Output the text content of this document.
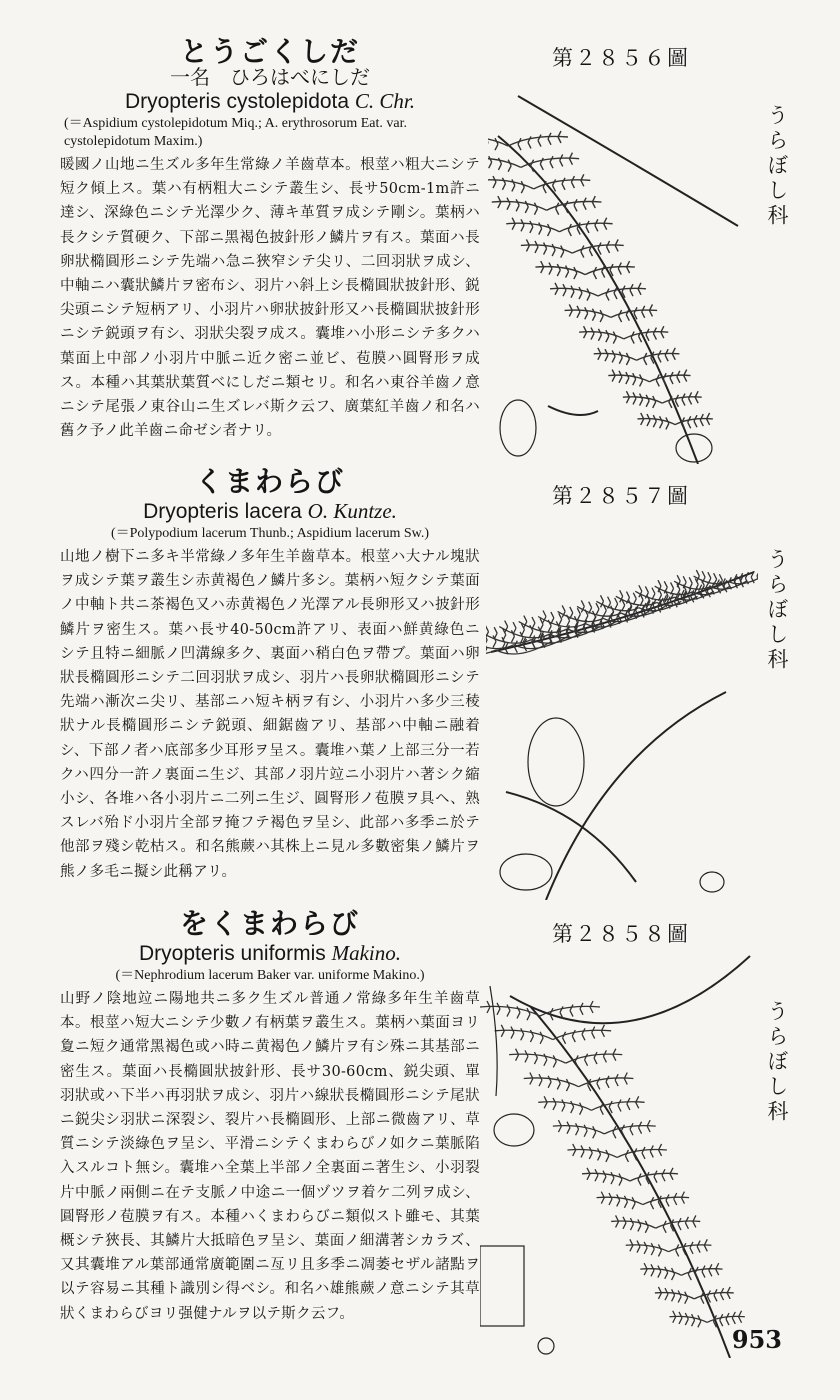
とうごくしだ
一名　ひろはべにしだ
Dryopteris cystolepidota C. Chr.
(＝Aspidium cystolepidotum Miq.; A. erythrosorum Eat. var. cystolepidotum Maxim.)
暖國ノ山地ニ生ズル多年生常綠ノ羊齒草本。根莖ハ粗大ニシテ短ク傾上ス。葉ハ有柄粗大ニシテ叢生シ、長サ50cm-1m許ニ達シ、深綠色ニシテ光澤少ク、薄キ革質ヲ成シテ剛シ。葉柄ハ長クシテ質硬ク、下部ニ黑褐色披針形ノ鱗片ヲ有ス。葉面ハ長卵狀橢圓形ニシテ先端ハ急ニ狹窄シテ尖リ、二回羽狀ヲ成シ、中軸ニハ囊狀鱗片ヲ密布シ、羽片ハ斜上シ長橢圓狀披針形、鋭尖頭ニシテ短柄アリ、小羽片ハ卵狀披針形又ハ長橢圓狀披針形ニシテ鋭頭ヲ有シ、羽狀尖裂ヲ成ス。囊堆ハ小形ニシテ多クハ葉面上中部ノ小羽片中脈ニ近ク密ニ並ビ、苞膜ハ圓腎形ヲ成ス。本種ハ其葉狀葉質べにしだニ類セリ。和名ハ東谷羊齒ノ意ニシテ尾張ノ東谷山ニ生ズレバ斯ク云フ、廣葉紅羊齒ノ和名ハ舊ク予ノ此羊齒ニ命ゼシ者ナリ。
くまわらび
Dryopteris lacera O. Kuntze.
(＝Polypodium lacerum Thunb.; Aspidium lacerum Sw.)
山地ノ樹下ニ多キ半常綠ノ多年生羊齒草本。根莖ハ大ナル塊狀ヲ成シテ葉ヲ叢生シ赤黄褐色ノ鱗片多シ。葉柄ハ短クシテ葉面ノ中軸ト共ニ茶褐色又ハ赤黄褐色ノ光澤アル長卵形又ハ披針形鱗片ヲ密生ス。葉ハ長サ40-50cm許アリ、表面ハ鮮黄綠色ニシテ且特ニ細脈ノ凹溝線多ク、裏面ハ稍白色ヲ帶ブ。葉面ハ卵狀長橢圓形ニシテ二回羽狀ヲ成シ、羽片ハ長卵狀橢圓形ニシテ先端ハ漸次ニ尖リ、基部ニハ短キ柄ヲ有シ、小羽片ハ多少三稜狀ナル長橢圓形ニシテ鋭頭、細鋸齒アリ、基部ハ中軸ニ融着シ、下部ノ者ハ底部多少耳形ヲ呈ス。囊堆ハ葉ノ上部三分一若クハ四分一許ノ裏面ニ生ジ、其部ノ羽片竝ニ小羽片ハ著シク縮小シ、各堆ハ各小羽片ニ二列ニ生ジ、圓腎形ノ苞膜ヲ具ヘ、熟スレバ殆ド小羽片全部ヲ掩フテ褐色ヲ呈シ、此部ハ多季ニ於テ他部ヲ殘シ乾枯ス。和名熊蕨ハ其株上ニ見ル多數密集ノ鱗片ヲ熊ノ多毛ニ擬シ此稱アリ。
をくまわらび
Dryopteris uniformis Makino.
(＝Nephrodium lacerum Baker var. uniforme Makino.)
山野ノ陰地竝ニ陽地共ニ多ク生ズル普通ノ常綠多年生羊齒草本。根莖ハ短大ニシテ少數ノ有柄葉ヲ叢生ス。葉柄ハ葉面ヨリ夐ニ短ク通常黑褐色或ハ時ニ黄褐色ノ鱗片ヲ有シ殊ニ其基部ニ密生ス。葉面ハ長橢圓狀披針形、長サ30-60cm、鋭尖頭、單羽狀或ハ下半ハ再羽狀ヲ成シ、羽片ハ線狀長橢圓形ニシテ尾狀ニ鋭尖シ羽狀ニ深裂シ、裂片ハ長橢圓形、上部ニ微齒アリ、草質ニシテ淡綠色ヲ呈シ、平滑ニシテくまわらびノ如クニ葉脈陷入スルコト無シ。囊堆ハ全葉上半部ノ全裏面ニ著生シ、小羽裂片中脈ノ兩側ニ在テ支脈ノ中途ニ一個ヅツヲ着ケ二列ヲ成シ、圓腎形ノ苞膜ヲ有ス。本種ハくまわらびニ類似スト雖モ、其葉概シテ狹長、其鱗片大抵暗色ヲ呈シ、葉面ノ細溝著シカラズ、又其囊堆アル葉部通常廣範圍ニ亙リ且多季ニ凋萎セザル諸點ヲ以テ容易ニ其種ト識別シ得ベシ。和名ハ雄熊蕨ノ意ニシテ其草狀くまわらびヨリ强健ナルヲ以テ斯ク云フ。
第２８５６圖
第２８５７圖
第２８５８圖
うらぼし科
うらぼし科
うらぼし科
953
